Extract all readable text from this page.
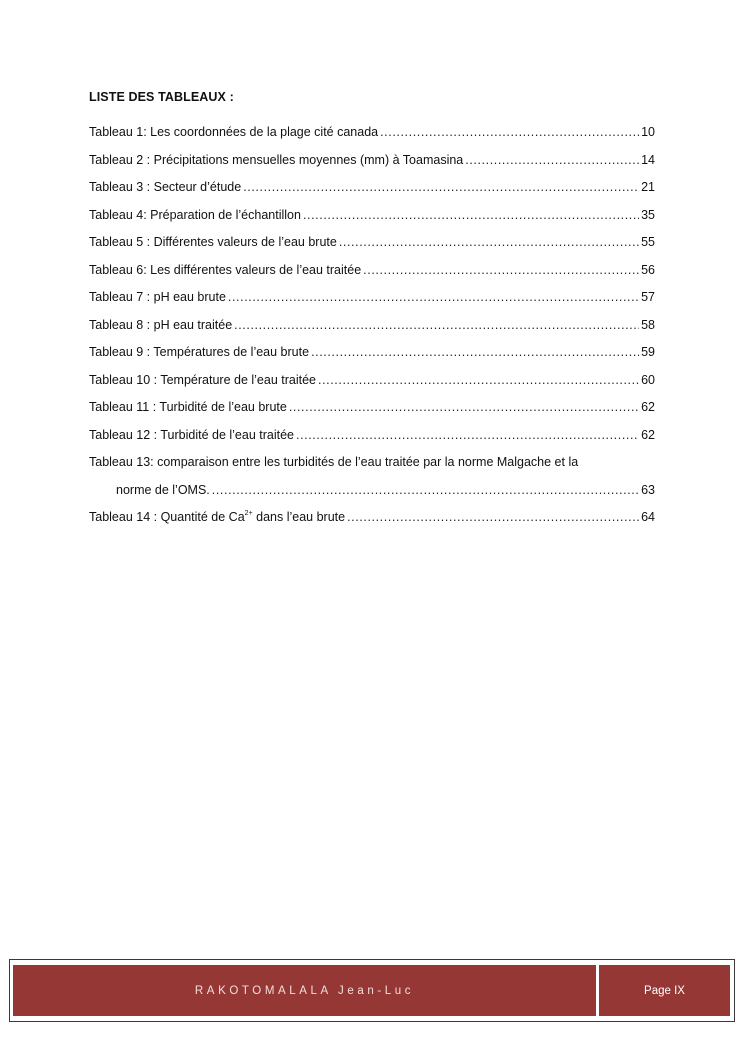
LISTE DES TABLEAUX :
Tableau 1: Les coordonnées de la plage cité canada .....	10
Tableau 2 : Précipitations mensuelles moyennes (mm) à Toamasina .....	14
Tableau 3 : Secteur d’étude .....	21
Tableau 4: Préparation de l’échantillon .....	35
Tableau 5 : Différentes valeurs de l’eau brute .....	55
Tableau 6: Les différentes valeurs de l’eau traitée .....	56
Tableau 7 : pH eau brute .....	57
Tableau 8 : pH eau traitée .....	58
Tableau 9 : Températures de l’eau brute .....	59
Tableau 10 : Température de l’eau traitée .....	60
Tableau 11 : Turbidité de l’eau brute .....	62
Tableau 12 : Turbidité de l’eau traitée .....	62
Tableau 13: comparaison entre les turbidités de l’eau traitée par la norme Malgache et la
norme de l’OMS. .....	63
Tableau 14 : Quantité de $Ca^{2+}$ dans l’eau brute .....	64
RAKOTOMALALA Jean-Luc	Page IX
